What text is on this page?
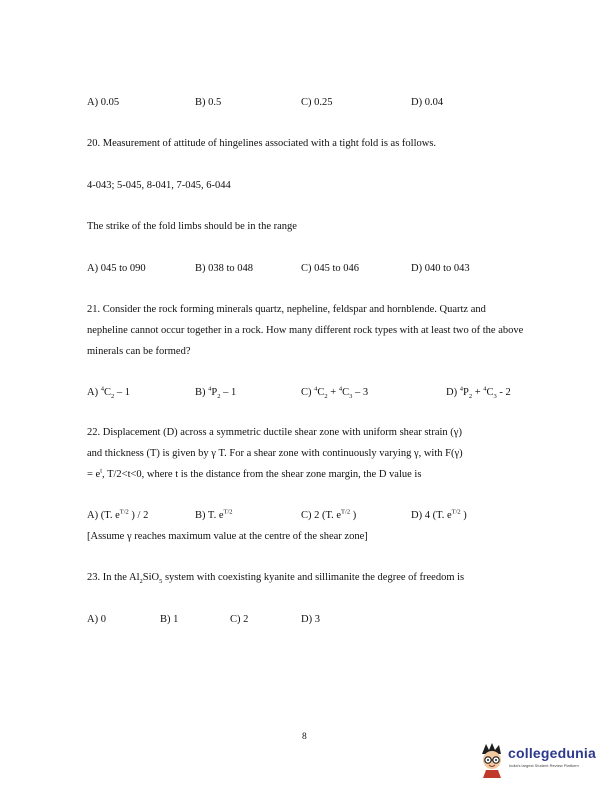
A) 0.05	B) 0.5	C) 0.25	D) 0.04
20. Measurement of attitude of hingelines associated with a tight fold is as follows.
4-043; 5-045, 8-041, 7-045, 6-044
The strike of the fold limbs should be in the range
A) 045 to 090	B) 038 to 048	C) 045 to 046	D) 040 to 043
21. Consider the rock forming minerals quartz, nepheline, feldspar and hornblende. Quartz and nepheline cannot occur together in a rock. How many different rock types with at least two of the above minerals can be formed?
A) $^4C_2 - 1$	B) $^4P_2 - 1$	C) $^4C_2 + ^4C_3 - 3$	D) $^4P_2 + ^4C_3 - 2$
22. Displacement (D) across a symmetric ductile shear zone with uniform shear strain (γ)
and thickness (T) is given by γ T. For a shear zone with continuously varying γ, with F(γ)
= $e^t$, T/2<t<0, where t is the distance from the shear zone margin, the D value is
A) (T. $e^{T/2}$ ) / 2	B) T. $e^{T/2}$	C) 2 (T. $e^{T/2}$ )	D) 4 (T. $e^{T/2}$ )
[Assume γ reaches maximum value at the centre of the shear zone]
23. In the $Al_2SiO_5$ system with coexisting kyanite and sillimanite the degree of freedom is
A) 0	B) 1	C) 2	D) 3
8
collegedunia
India's largest Student Review Platform
